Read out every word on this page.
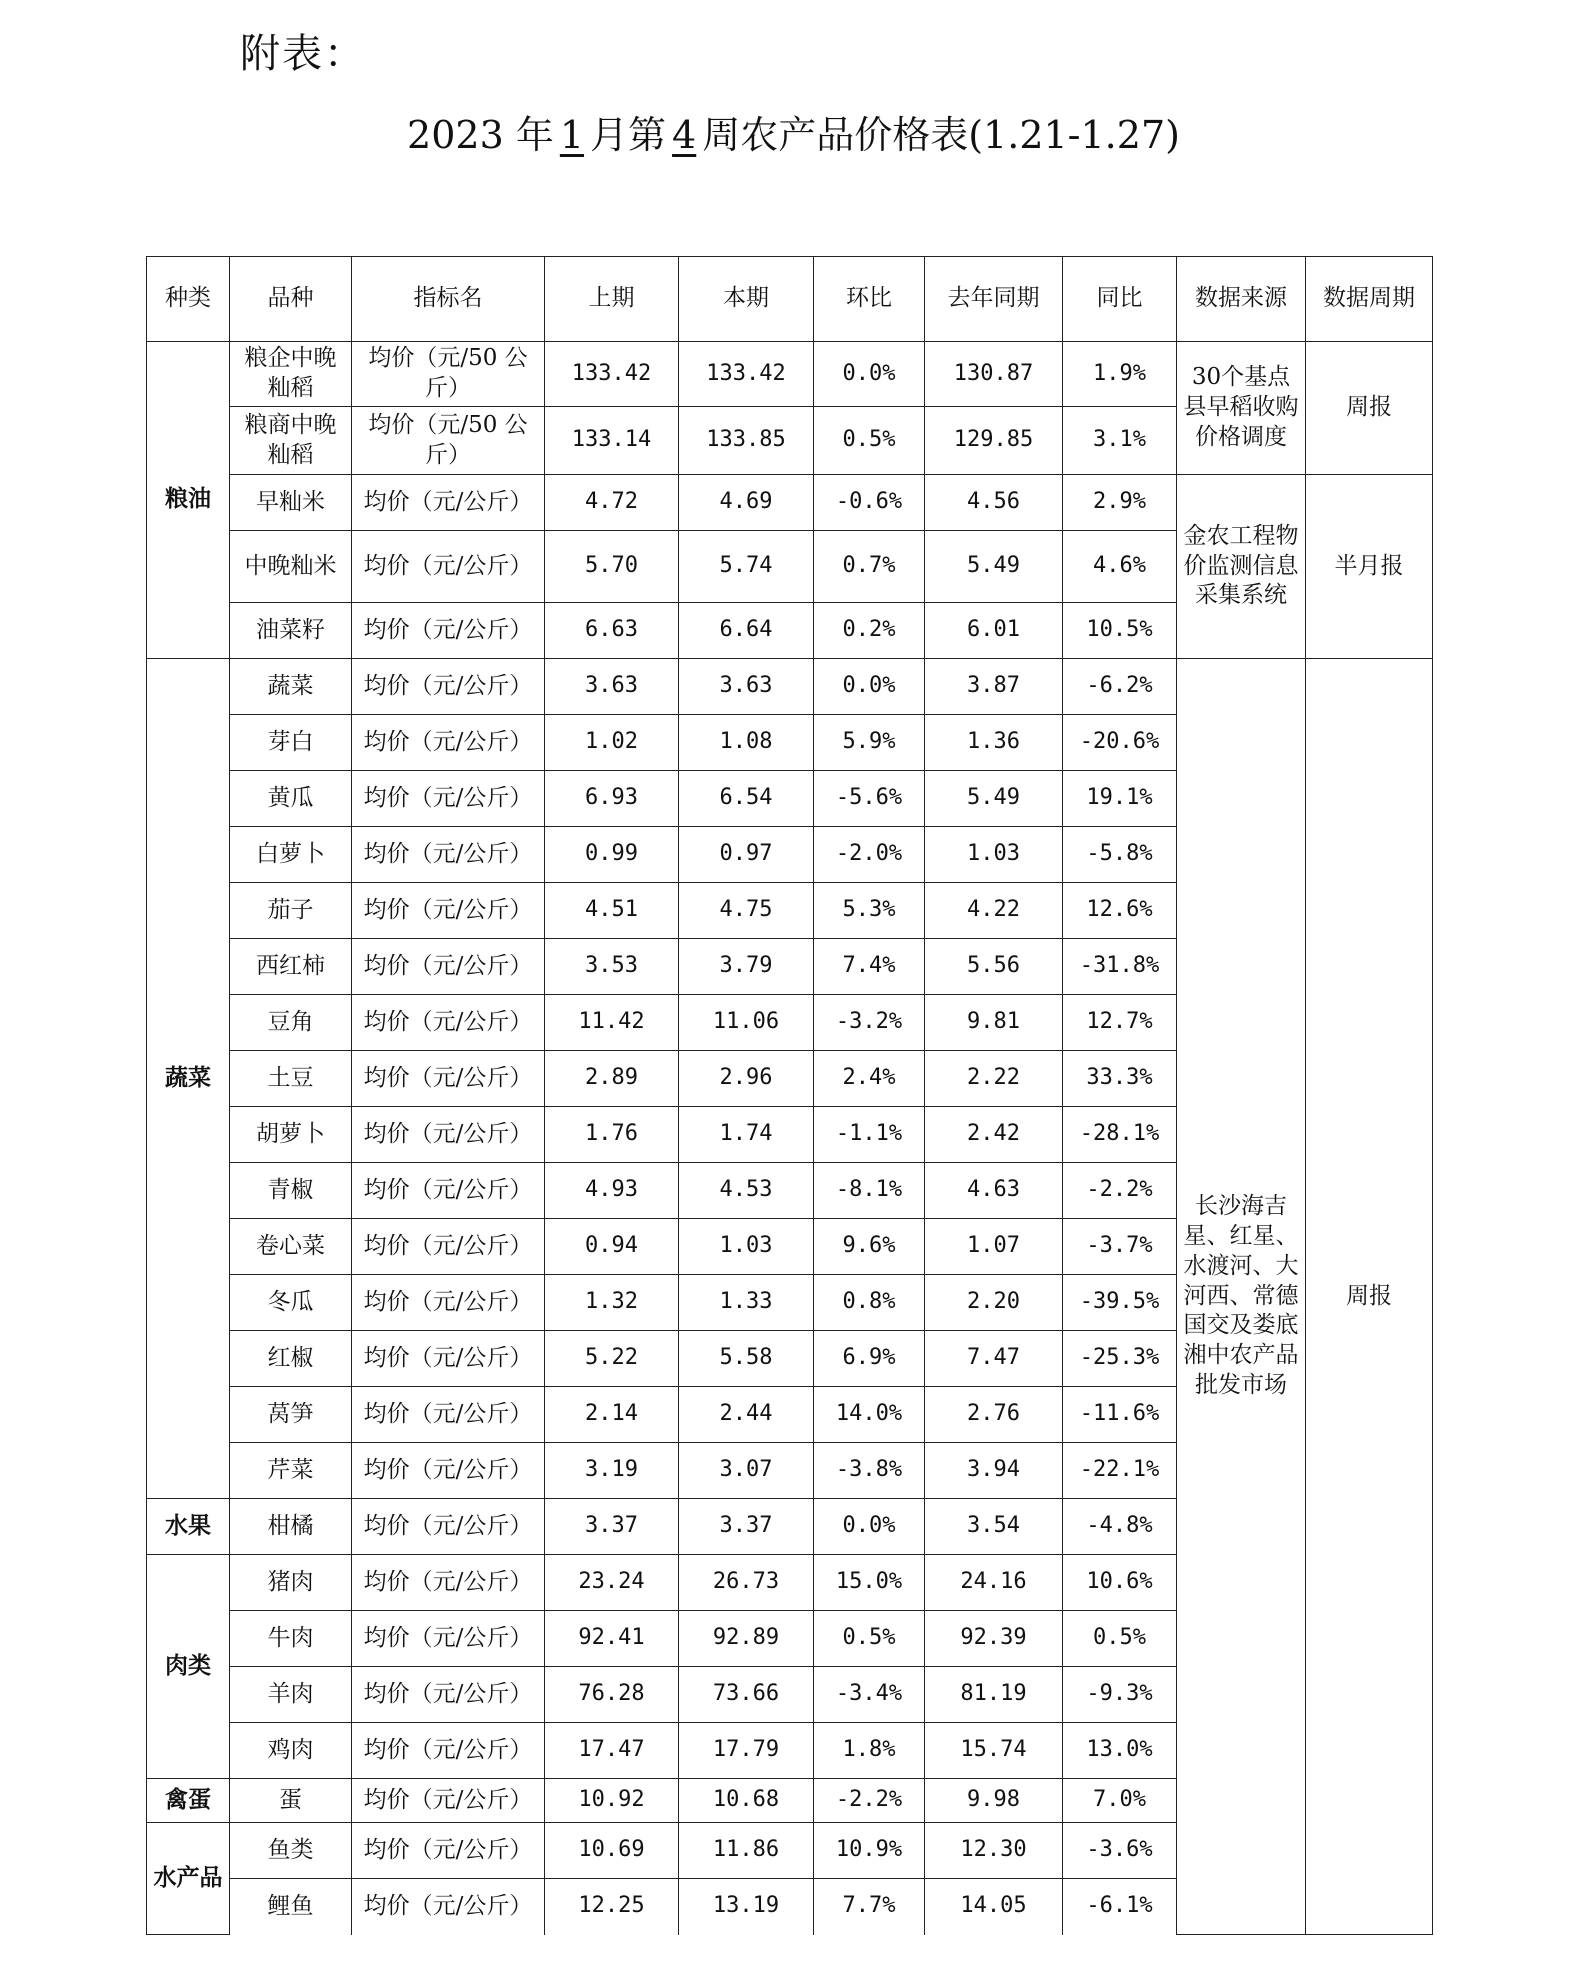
附表：
2023 年 1 月第 4 周农产品价格表(1.21-1.27)
种类	品种	指标名	上期	本期	环比	去年同期	同比	数据来源	数据周期
粮油	粮企中晚籼稻	均价（元/50 公斤）	133.42	133.42	0.0%	130.87	1.9%	30个基点县早稻收购价格调度	周报
	粮商中晚籼稻	均价（元/50 公斤）	133.14	133.85	0.5%	129.85	3.1%		
	早籼米	均价（元/公斤）	4.72	4.69	-0.6%	4.56	2.9%	金农工程物价监测信息采集系统	半月报
	中晚籼米	均价（元/公斤）	5.70	5.74	0.7%	5.49	4.6%		
	油菜籽	均价（元/公斤）	6.63	6.64	0.2%	6.01	10.5%		
蔬菜	蔬菜	均价（元/公斤）	3.63	3.63	0.0%	3.87	-6.2%	长沙海吉星、红星、水渡河、大河西、常德国交及娄底湘中农产品批发市场	周报
	芽白	均价（元/公斤）	1.02	1.08	5.9%	1.36	-20.6%		
	黄瓜	均价（元/公斤）	6.93	6.54	-5.6%	5.49	19.1%		
	白萝卜	均价（元/公斤）	0.99	0.97	-2.0%	1.03	-5.8%		
	茄子	均价（元/公斤）	4.51	4.75	5.3%	4.22	12.6%		
	西红柿	均价（元/公斤）	3.53	3.79	7.4%	5.56	-31.8%		
	豆角	均价（元/公斤）	11.42	11.06	-3.2%	9.81	12.7%		
	土豆	均价（元/公斤）	2.89	2.96	2.4%	2.22	33.3%		
	胡萝卜	均价（元/公斤）	1.76	1.74	-1.1%	2.42	-28.1%		
	青椒	均价（元/公斤）	4.93	4.53	-8.1%	4.63	-2.2%		
	卷心菜	均价（元/公斤）	0.94	1.03	9.6%	1.07	-3.7%		
	冬瓜	均价（元/公斤）	1.32	1.33	0.8%	2.20	-39.5%		
	红椒	均价（元/公斤）	5.22	5.58	6.9%	7.47	-25.3%		
	莴笋	均价（元/公斤）	2.14	2.44	14.0%	2.76	-11.6%		
	芹菜	均价（元/公斤）	3.19	3.07	-3.8%	3.94	-22.1%		
水果	柑橘	均价（元/公斤）	3.37	3.37	0.0%	3.54	-4.8%		
肉类	猪肉	均价（元/公斤）	23.24	26.73	15.0%	24.16	10.6%		
	牛肉	均价（元/公斤）	92.41	92.89	0.5%	92.39	0.5%		
	羊肉	均价（元/公斤）	76.28	73.66	-3.4%	81.19	-9.3%		
	鸡肉	均价（元/公斤）	17.47	17.79	1.8%	15.74	13.0%		
禽蛋	蛋	均价（元/公斤）	10.92	10.68	-2.2%	9.98	7.0%		
水产品	鱼类	均价（元/公斤）	10.69	11.86	10.9%	12.30	-3.6%		
	鲤鱼	均价（元/公斤）	12.25	13.19	7.7%	14.05	-6.1%		
